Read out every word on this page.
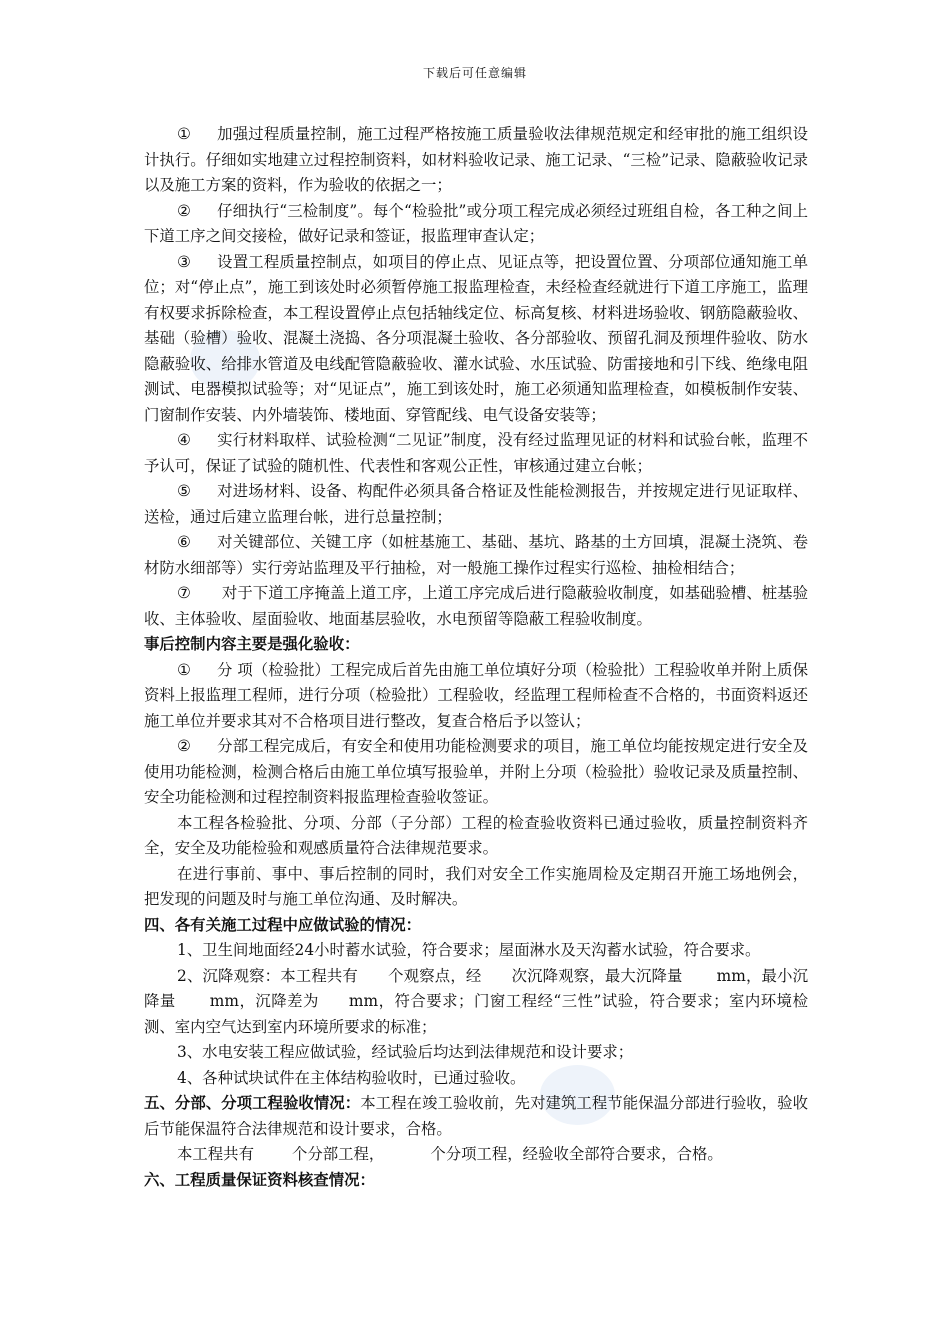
下载后可任意编辑

① 加强过程质量控制，施工过程严格按施工质量验收法律规范规定和经审批的施工组织设计执行。仔细如实地建立过程控制资料，如材料验收记录、施工记录、“三检”记录、隐蔽验收记录以及施工方案的资料，作为验收的依据之一；

② 仔细执行“三检制度”。每个“检验批”或分项工程完成必须经过班组自检，各工种之间上下道工序之间交接检，做好记录和签证，报监理审查认定；

③ 设置工程质量控制点，如项目的停止点、见证点等，把设置位置、分项部位通知施工单位；对“停止点”，施工到该处时必须暂停施工报监理检查，未经检查经就进行下道工序施工，监理有权要求拆除检查，本工程设置停止点包括轴线定位、标高复核、材料进场验收、钢筋隐蔽验收、基础（验槽）验收、混凝土浇捣、各分项混凝土验收、各分部验收、预留孔洞及预埋件验收、防水隐蔽验收、给排水管道及电线配管隐蔽验收、灌水试验、水压试验、防雷接地和引下线、绝缘电阻测试、电器模拟试验等；对“见证点”，施工到该处时，施工必须通知监理检查，如模板制作安装、门窗制作安装、内外墙装饰、楼地面、穿管配线、电气设备安装等；

④ 实行材料取样、试验检测“二见证”制度，没有经过监理见证的材料和试验台帐，监理不予认可，保证了试验的随机性、代表性和客观公正性，审核通过建立台帐；

⑤ 对进场材料、设备、构配件必须具备合格证及性能检测报告，并按规定进行见证取样、送检，通过后建立监理台帐，进行总量控制；

⑥ 对关键部位、关键工序（如桩基施工、基础、基坑、路基的土方回填，混凝土浇筑、卷材防水细部等）实行旁站监理及平行抽检，对一般施工操作过程实行巡检、抽检相结合；

⑦ 对于下道工序掩盖上道工序，上道工序完成后进行隐蔽验收制度，如基础验槽、桩基验收、主体验收、屋面验收、地面基层验收，水电预留等隐蔽工程验收制度。

事后控制内容主要是强化验收：

① 分 项（检验批）工程完成后首先由施工单位填好分项（检验批）工程验收单并附上质保资料上报监理工程师，进行分项（检验批）工程验收，经监理工程师检查不合格的，书面资料返还施工单位并要求其对不合格项目进行整改，复查合格后予以签认；

② 分部工程完成后，有安全和使用功能检测要求的项目，施工单位均能按规定进行安全及使用功能检测，检测合格后由施工单位填写报验单，并附上分项（检验批）验收记录及质量控制、安全功能检测和过程控制资料报监理检查验收签证。

本工程各检验批、分项、分部（子分部）工程的检查验收资料已通过验收，质量控制资料齐全，安全及功能检验和观感质量符合法律规范要求。

在进行事前、事中、事后控制的同时，我们对安全工作实施周检及定期召开施工场地例会，把发现的问题及时与施工单位沟通、及时解决。

四、各有关施工过程中应做试验的情况：

1、卫生间地面经24小时蓄水试验，符合要求；屋面淋水及天沟蓄水试验，符合要求。

2、沉降观察：本工程共有 个观察点，经 次沉降观察，最大沉降量 mm，最小沉降量 mm，沉降差为 mm，符合要求；门窗工程经“三性”试验，符合要求；室内环境检测、室内空气达到室内环境所要求的标准；

3、水电安装工程应做试验，经试验后均达到法律规范和设计要求；

4、各种试块试件在主体结构验收时，已通过验收。

五、分部、分项工程验收情况：本工程在竣工验收前，先对建筑工程节能保温分部进行验收，验收后节能保温符合法律规范和设计要求，合格。

本工程共有 个分部工程，	个分项工程，经验收全部符合要求，合格。

六、工程质量保证资料核查情况：
